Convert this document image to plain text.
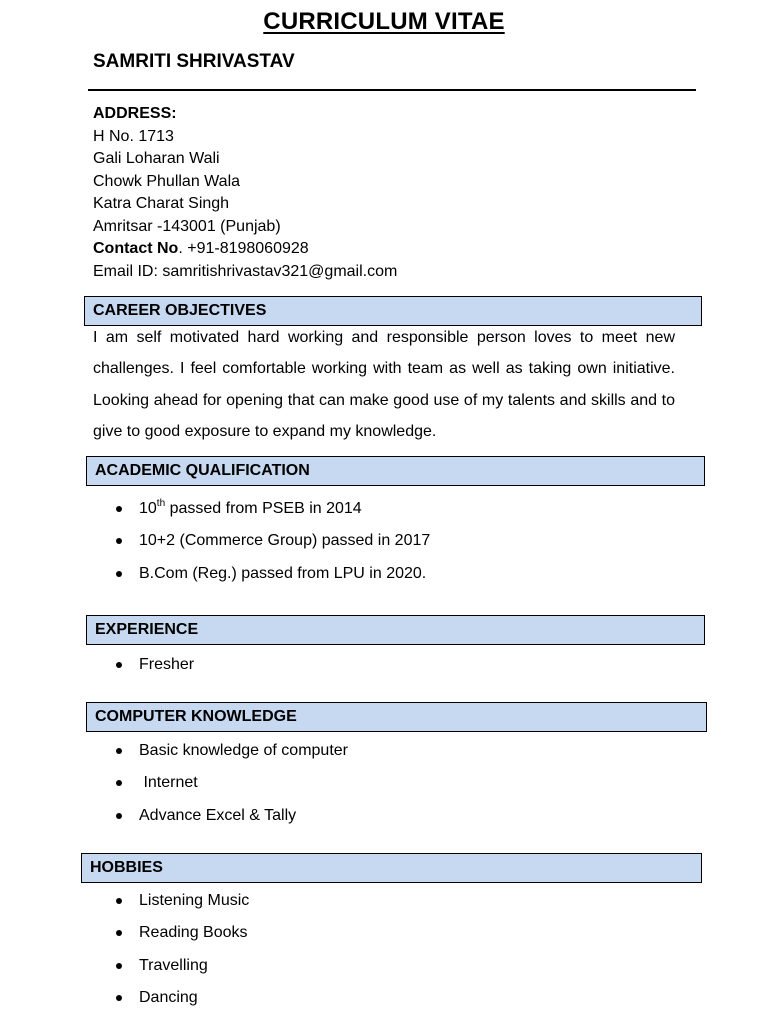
CURRICULUM VITAE
SAMRITI SHRIVASTAV
ADDRESS:
H No. 1713
Gali Loharan Wali
Chowk Phullan Wala
Katra Charat Singh
Amritsar -143001 (Punjab)
Contact No. +91-8198060928
Email ID: samritishrivastav321@gmail.com
CAREER OBJECTIVES
I am self motivated hard working and responsible person loves to meet new challenges. I feel comfortable working with team as well as taking own initiative. Looking ahead for opening that can make good use of my talents and skills and to give to good exposure to expand my knowledge.
ACADEMIC QUALIFICATION
10th passed from PSEB in 2014
10+2 (Commerce Group) passed in 2017
B.Com (Reg.) passed from LPU in 2020.
EXPERIENCE
Fresher
COMPUTER KNOWLEDGE
Basic knowledge of computer
Internet
Advance Excel & Tally
HOBBIES
Listening Music
Reading Books
Travelling
Dancing
